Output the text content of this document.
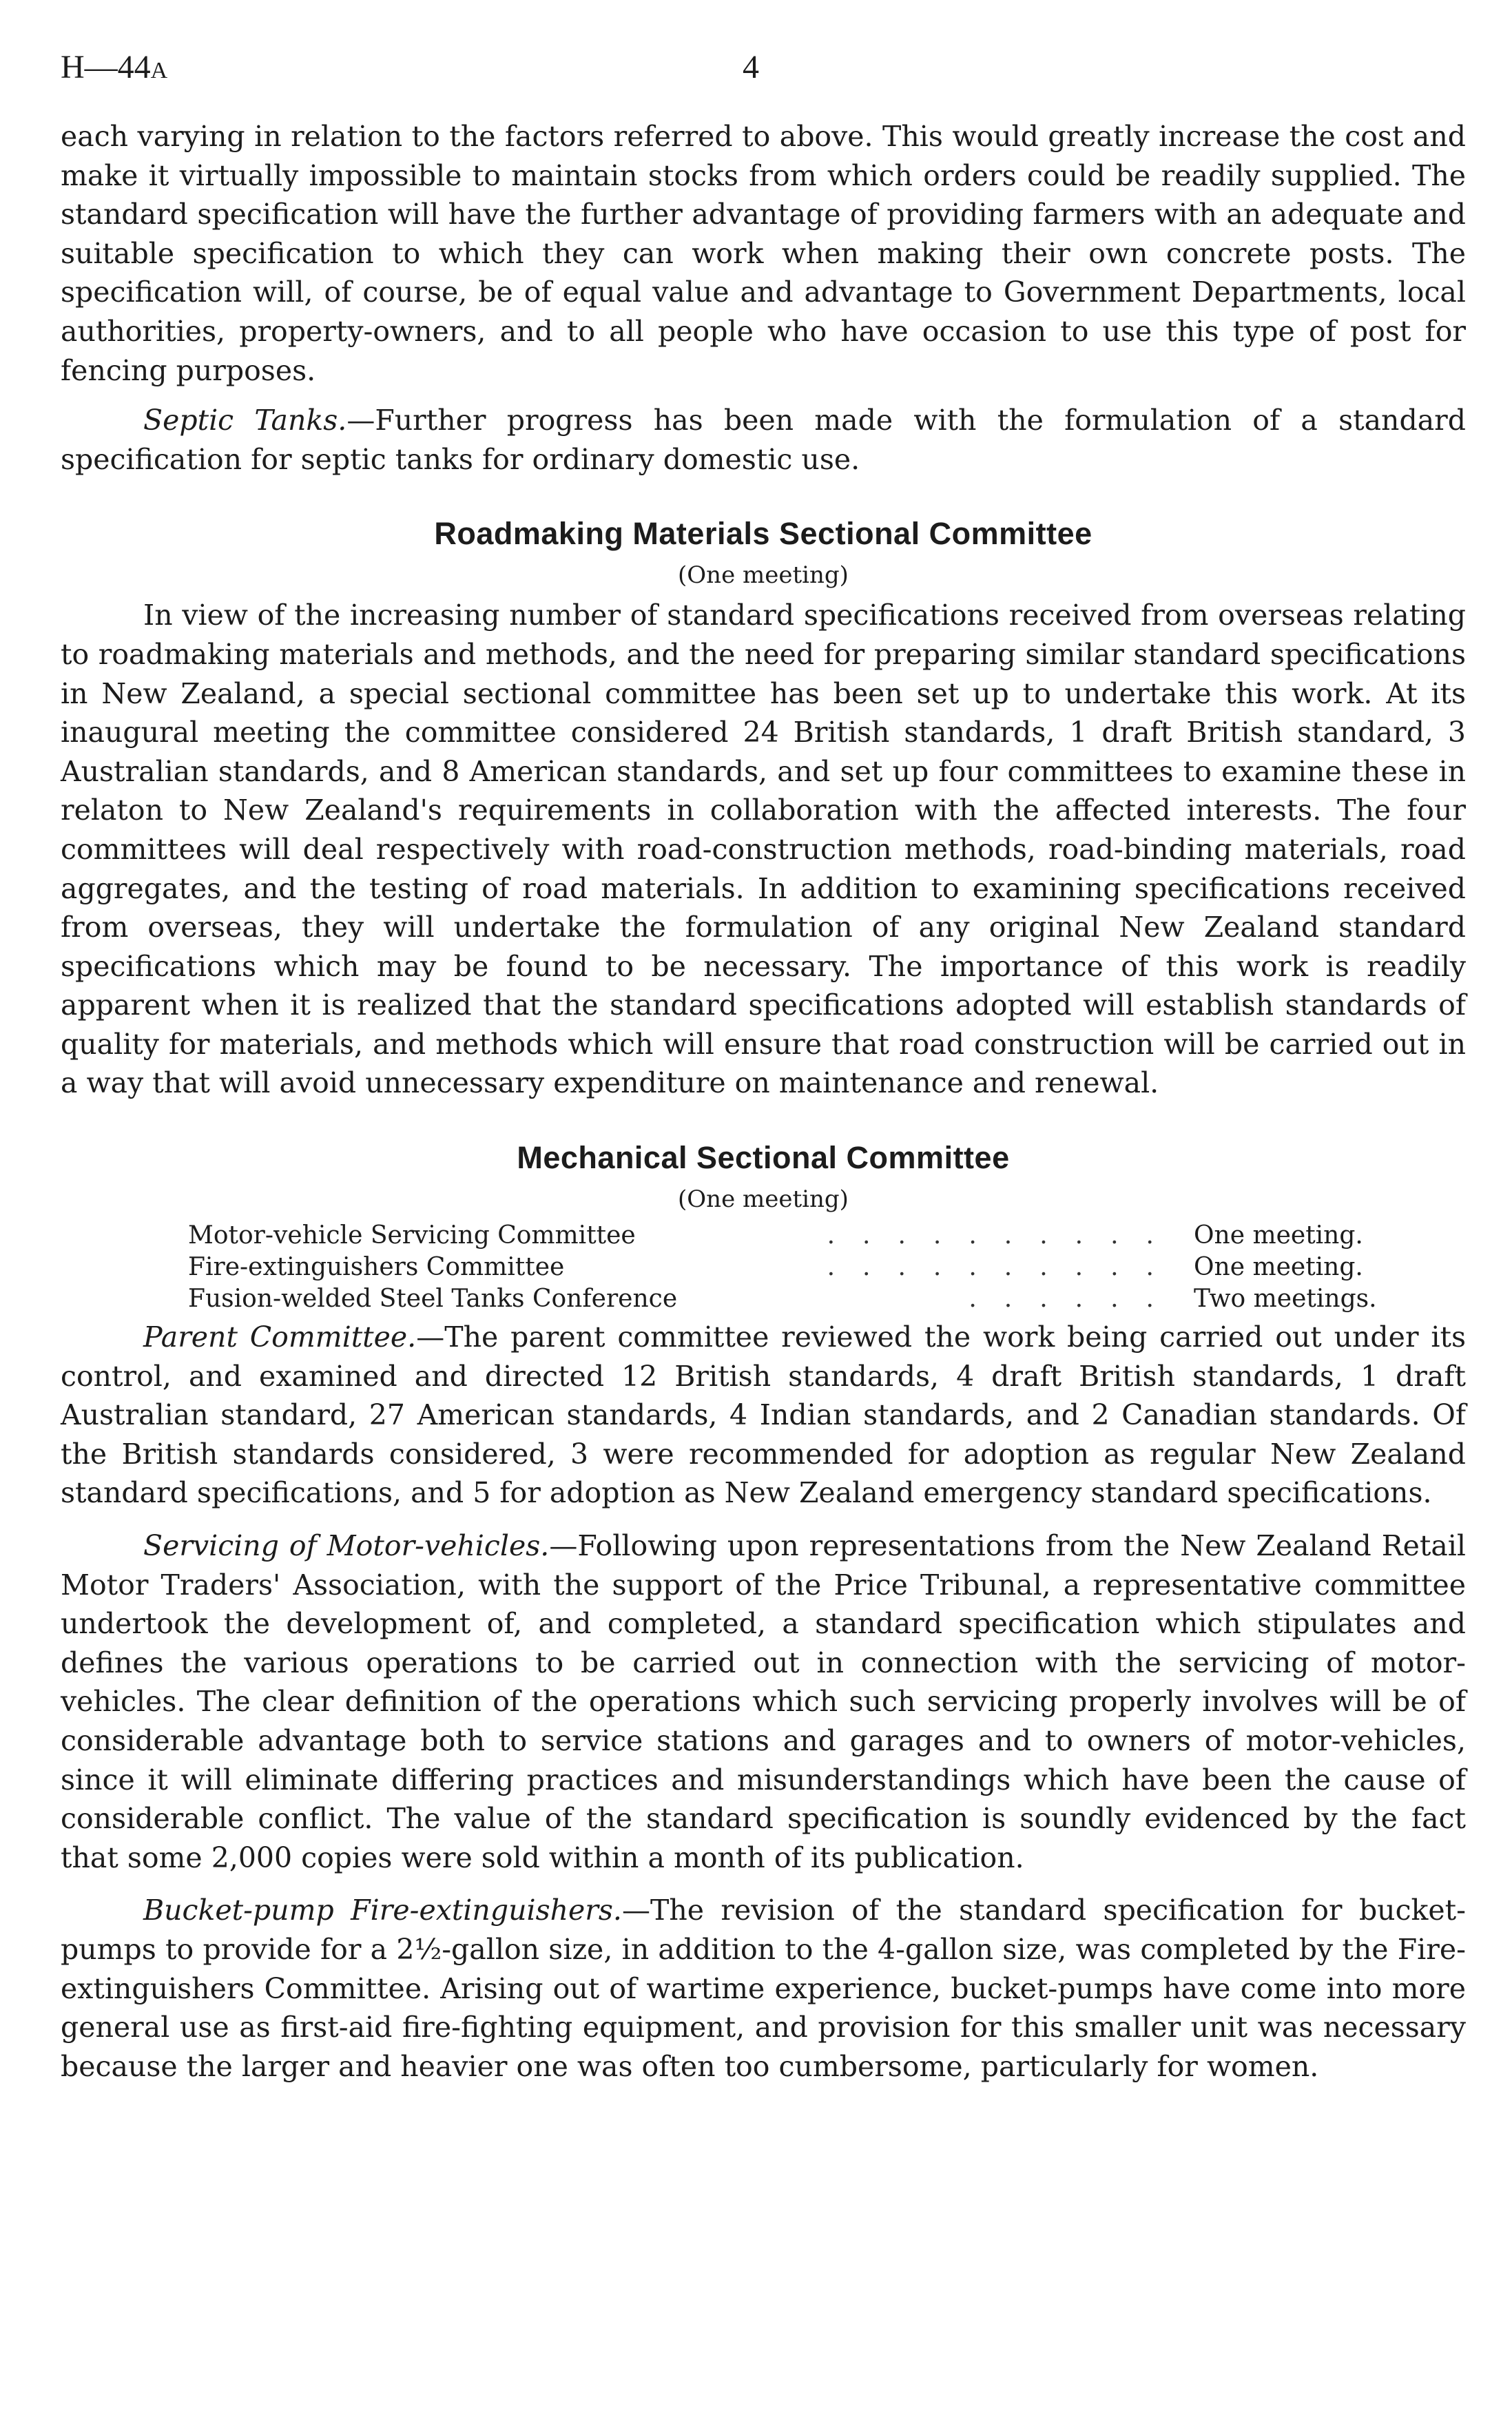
H—44A	4

each varying in relation to the factors referred to above. This would greatly increase the cost and make it virtually impossible to maintain stocks from which orders could be readily supplied. The standard specification will have the further advantage of providing farmers with an adequate and suitable specification to which they can work when making their own concrete posts. The specification will, of course, be of equal value and advantage to Government Departments, local authorities, property-owners, and to all people who have occasion to use this type of post for fencing purposes.

Septic Tanks.—Further progress has been made with the formulation of a standard specification for septic tanks for ordinary domestic use.

Roadmaking Materials Sectional Committee
(One meeting)

In view of the increasing number of standard specifications received from overseas relating to roadmaking materials and methods, and the need for preparing similar standard specifications in New Zealand, a special sectional committee has been set up to undertake this work. At its inaugural meeting the committee considered 24 British standards, 1 draft British standard, 3 Australian standards, and 8 American standards, and set up four committees to examine these in relaton to New Zealand's requirements in collaboration with the affected interests. The four committees will deal respectively with road-construction methods, road-binding materials, road aggregates, and the testing of road materials. In addition to examining specifications received from overseas, they will undertake the formulation of any original New Zealand standard specifications which may be found to be necessary. The importance of this work is readily apparent when it is realized that the standard specifications adopted will establish standards of quality for materials, and methods which will ensure that road construction will be carried out in a way that will avoid unnecessary expenditure on maintenance and renewal.

Mechanical Sectional Committee
(One meeting)
Motor-vehicle Servicing Committee	.......... One meeting.
Fire-extinguishers Committee	.......... One meeting.
Fusion-welded Steel Tanks Conference	...... Two meetings.

Parent Committee.—The parent committee reviewed the work being carried out under its control, and examined and directed 12 British standards, 4 draft British standards, 1 draft Australian standard, 27 American standards, 4 Indian standards, and 2 Canadian standards. Of the British standards considered, 3 were recommended for adoption as regular New Zealand standard specifications, and 5 for adoption as New Zealand emergency standard specifications.

Servicing of Motor-vehicles.—Following upon representations from the New Zealand Retail Motor Traders' Association, with the support of the Price Tribunal, a representative committee undertook the development of, and completed, a standard specification which stipulates and defines the various operations to be carried out in connection with the servicing of motor-vehicles. The clear definition of the operations which such servicing properly involves will be of considerable advantage both to service stations and garages and to owners of motor-vehicles, since it will eliminate differing practices and misunderstandings which have been the cause of considerable conflict. The value of the standard specification is soundly evidenced by the fact that some 2,000 copies were sold within a month of its publication.

Bucket-pump Fire-extinguishers.—The revision of the standard specification for bucket-pumps to provide for a 2½-gallon size, in addition to the 4-gallon size, was completed by the Fire-extinguishers Committee. Arising out of wartime experience, bucket-pumps have come into more general use as first-aid fire-fighting equipment, and provision for this smaller unit was necessary because the larger and heavier one was often too cumbersome, particularly for women.
